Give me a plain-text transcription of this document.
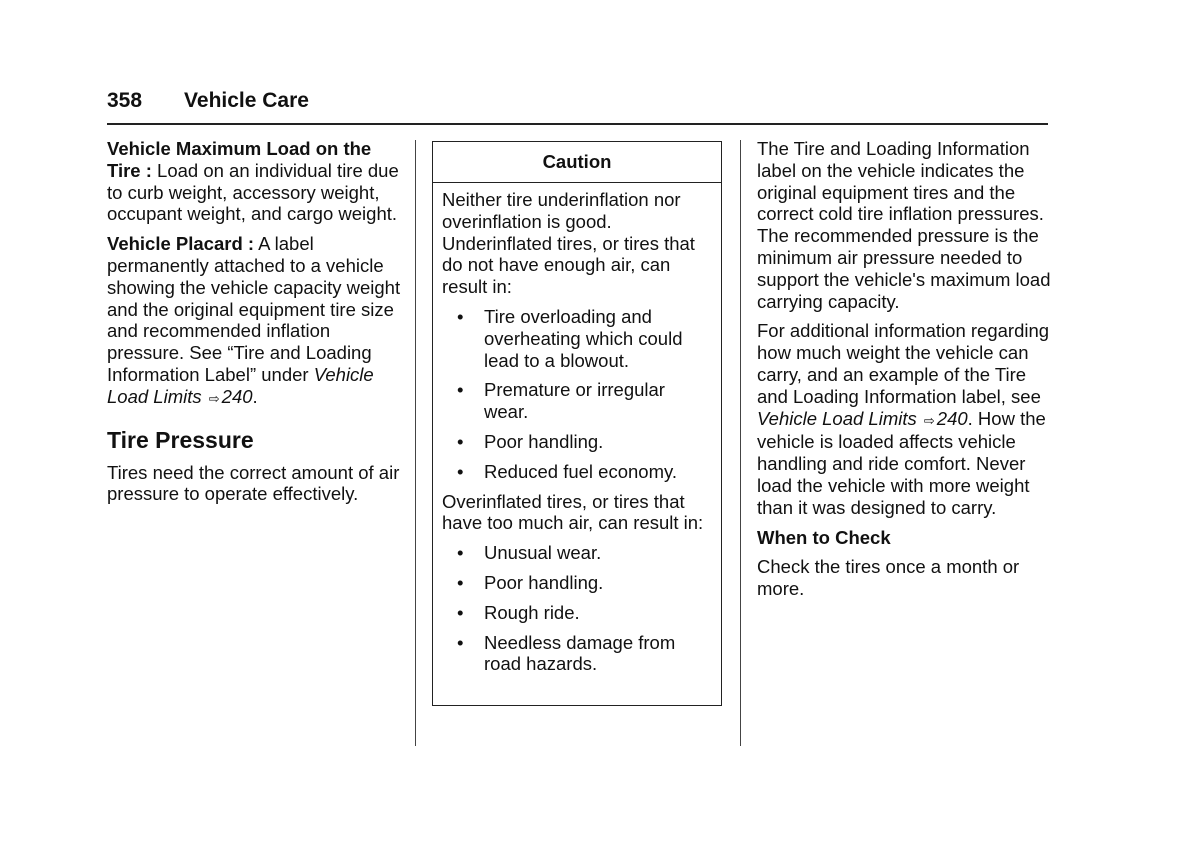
358 Vehicle Care

Vehicle Maximum Load on the Tire : Load on an individual tire due to curb weight, accessory weight, occupant weight, and cargo weight.

Vehicle Placard : A label permanently attached to a vehicle showing the vehicle capacity weight and the original equipment tire size and recommended inflation pressure. See “Tire and Loading Information Label” under Vehicle Load Limits ⇨ 240.

Tire Pressure

Tires need the correct amount of air pressure to operate effectively.

Caution

Neither tire underinflation nor overinflation is good. Underinflated tires, or tires that do not have enough air, can result in:

• Tire overloading and overheating which could lead to a blowout.
• Premature or irregular wear.
• Poor handling.
• Reduced fuel economy.

Overinflated tires, or tires that have too much air, can result in:

• Unusual wear.
• Poor handling.
• Rough ride.
• Needless damage from road hazards.

The Tire and Loading Information label on the vehicle indicates the original equipment tires and the correct cold tire inflation pressures. The recommended pressure is the minimum air pressure needed to support the vehicle's maximum load carrying capacity.

For additional information regarding how much weight the vehicle can carry, and an example of the Tire and Loading Information label, see Vehicle Load Limits ⇨ 240. How the vehicle is loaded affects vehicle handling and ride comfort. Never load the vehicle with more weight than it was designed to carry.

When to Check

Check the tires once a month or more.
